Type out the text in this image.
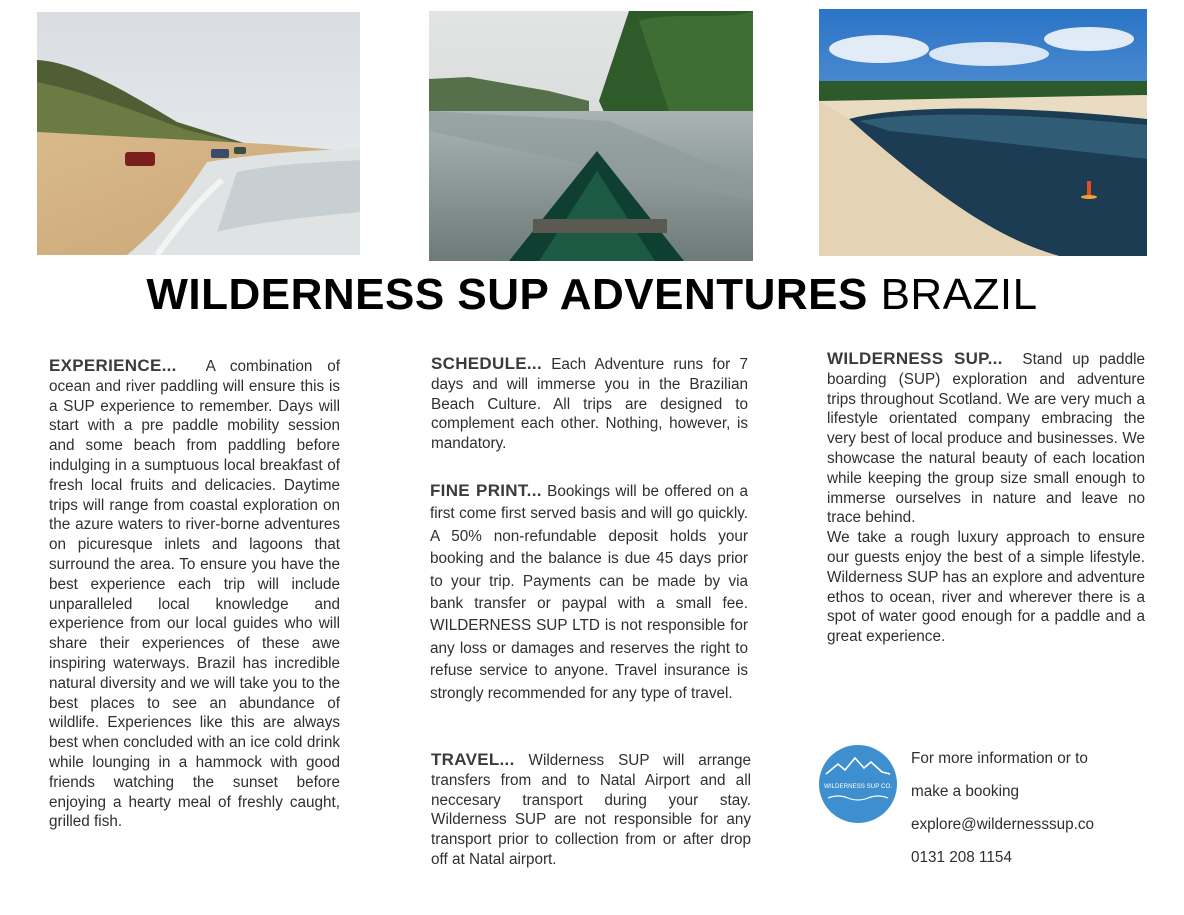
WILDERNESS SUP ADVENTURES BRAZIL
EXPERIENCE... A combination of ocean and river paddling will ensure this is a SUP experience to remember. Days will start with a pre paddle mobility session and some beach from paddling before indulging in a sumptuous local breakfast of fresh local fruits and delicacies. Daytime trips will range from coastal exploration on the azure waters to river-borne adventures on picuresque inlets and lagoons that surround the area. To ensure you have the best experience each trip will include unparalleled local knowledge and experience from our local guides who will share their experiences of these awe inspiring waterways. Brazil has incredible natural diversity and we will take you to the best places to see an abundance of wildlife. Experiences like this are always best when concluded with an ice cold drink while lounging in a hammock with good friends watching the sunset before enjoying a hearty meal of freshly caught, grilled fish.
SCHEDULE... Each Adventure runs for 7 days and will immerse you in the Brazilian Beach Culture. All trips are designed to complement each other. Nothing, however, is mandatory.
FINE PRINT... Bookings will be offered on a first come first served basis and will go quickly. A 50% non-refundable deposit holds your booking and the balance is due 45 days prior to your trip. Payments can be made by via bank transfer or paypal with a small fee. WILDERNESS SUP LTD is not responsible for any loss or damages and reserves the right to refuse service to anyone. Travel insurance is strongly recommended for any type of travel.
TRAVEL... Wilderness SUP will arrange transfers from and to Natal Airport and all neccesary transport during your stay. Wilderness SUP are not responsible for any transport prior to collection from or after drop off at Natal airport.
WILDERNESS SUP... Stand up paddle boarding (SUP) exploration and adventure trips throughout Scotland. We are very much a lifestyle orientated company embracing the very best of local produce and businesses. We showcase the natural beauty of each location while keeping the group size small enough to immerse ourselves in nature and leave no trace behind.
We take a rough luxury approach to ensure our guests enjoy the best of a simple lifestyle. Wilderness SUP has an explore and adventure ethos to ocean, river and wherever there is a spot of water good enough for a paddle and a great experience.
WILDERNESS SUP CO.
For more information or to
make a booking
explore@wildernesssup.co
0131 208 1154
